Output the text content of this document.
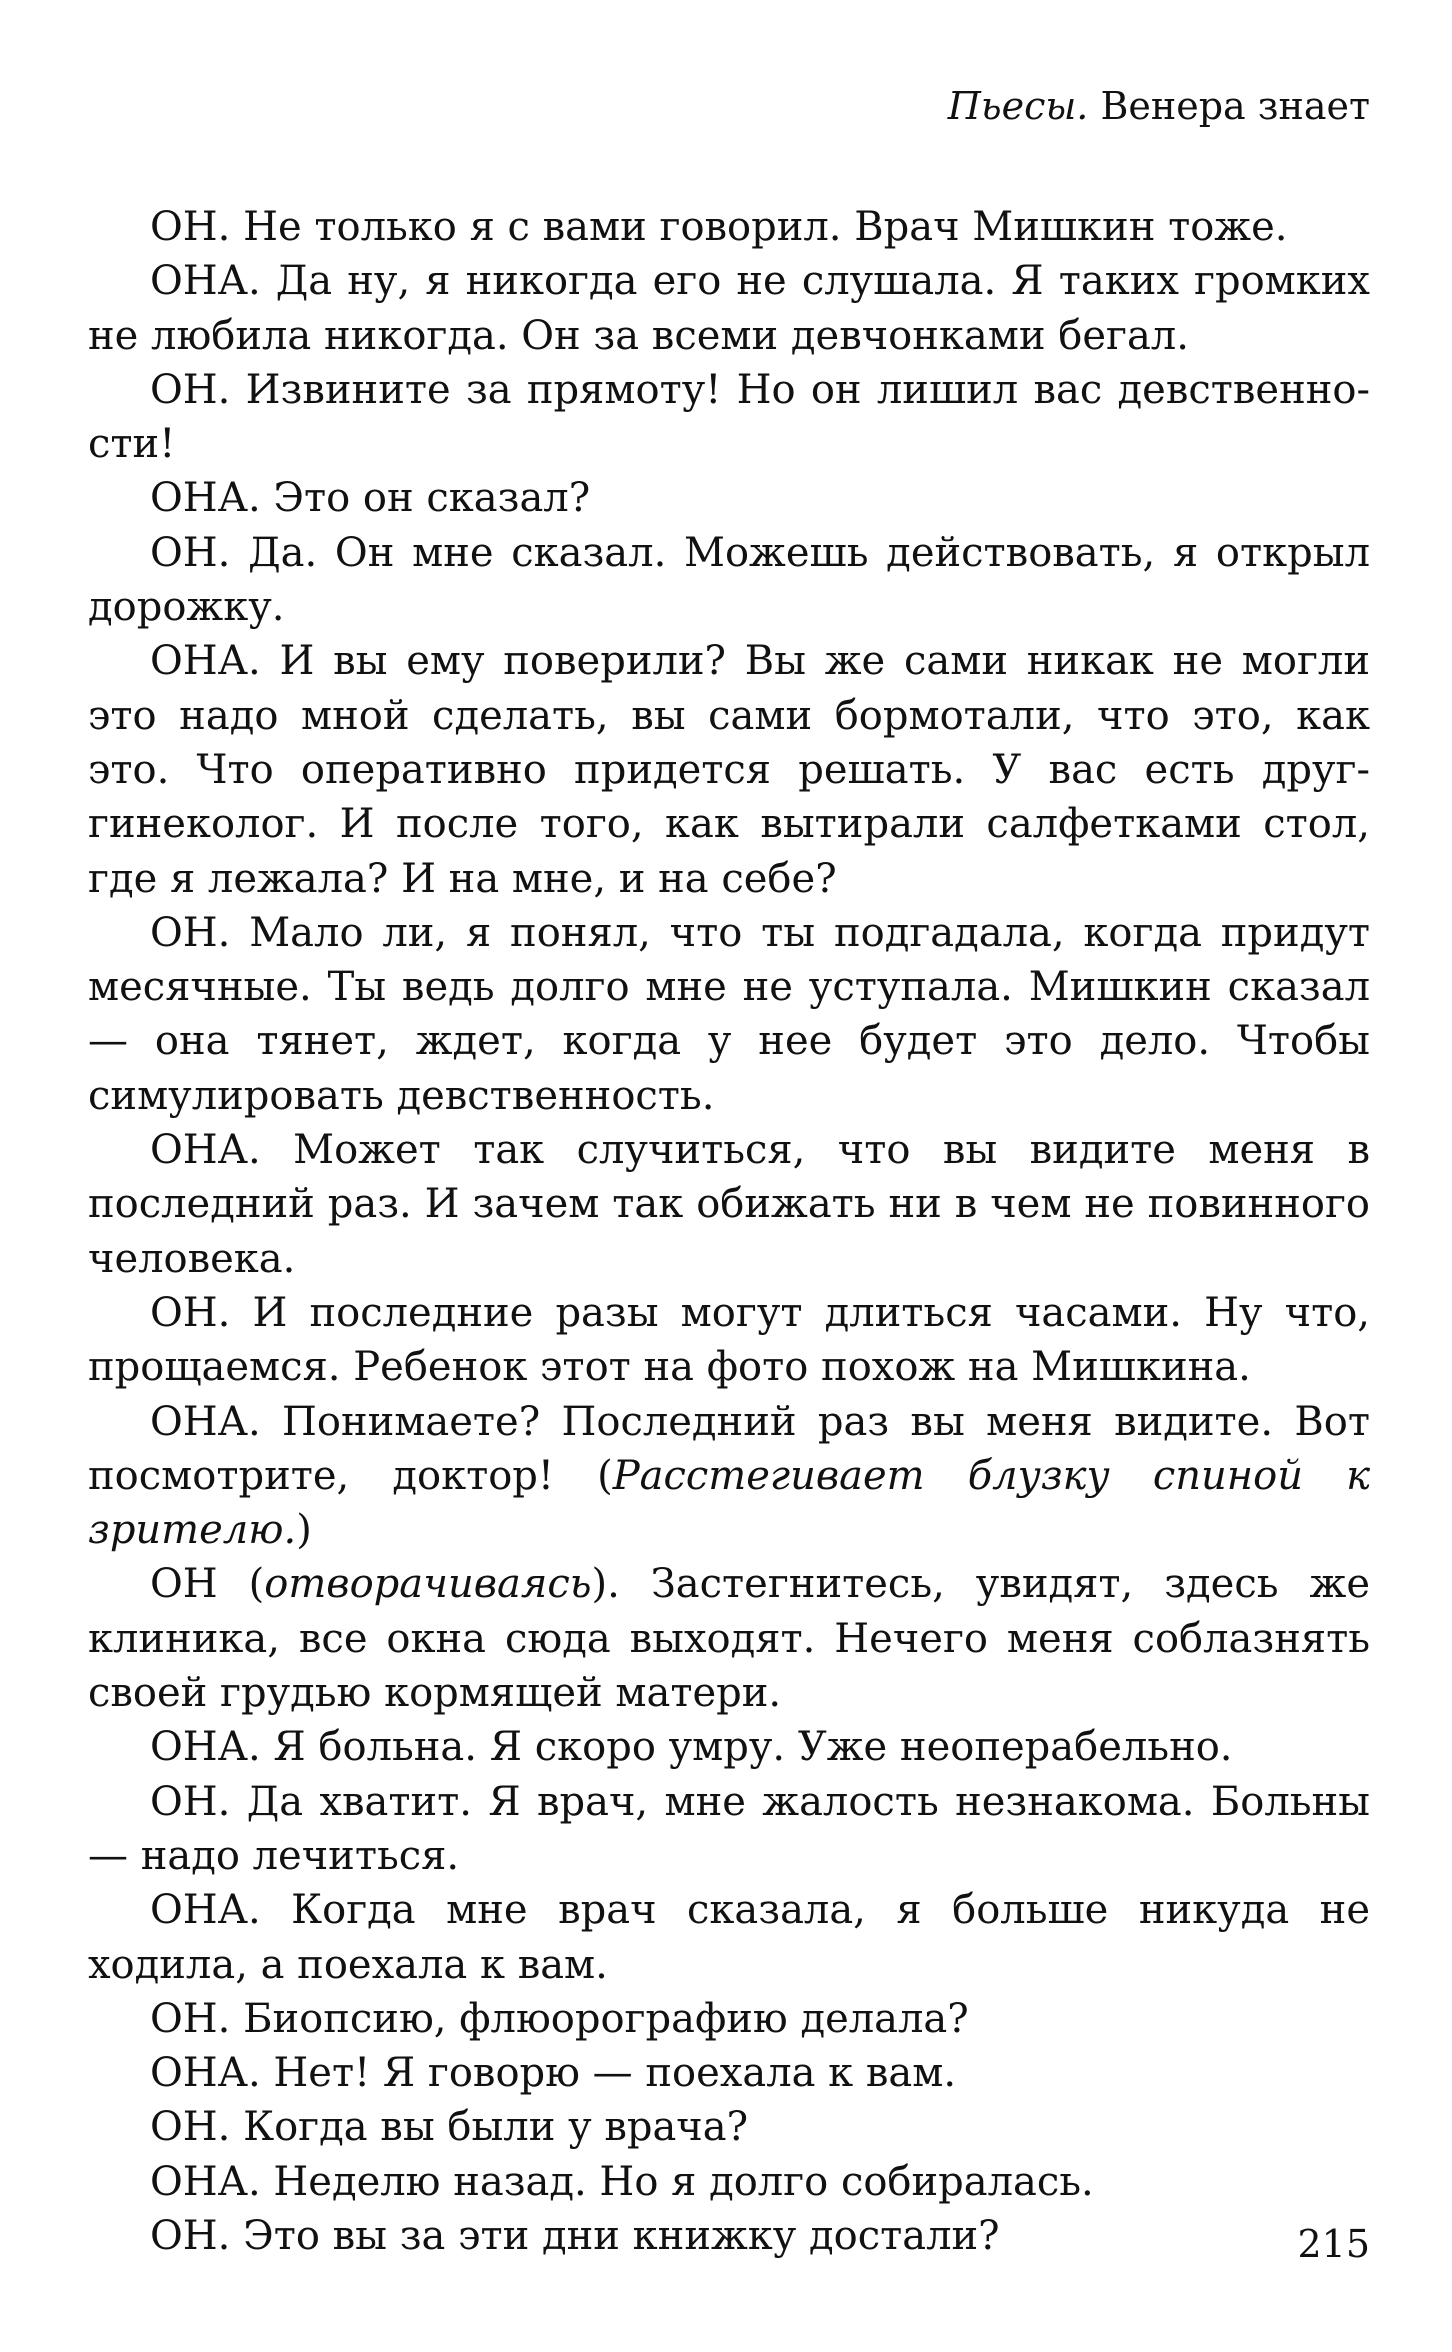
Пьесы. Венера знает

ОН. Не только я с вами говорил. Врач Мишкин тоже.

ОНА. Да ну, я никогда его не слушала. Я таких громких не любила никогда. Он за всеми девчонками бегал.

ОН. Извините за прямоту! Но он лишил вас девственности!

ОНА. Это он сказал?

ОН. Да. Он мне сказал. Можешь действовать, я открыл дорожку.

ОНА. И вы ему поверили? Вы же сами никак не могли это надо мной сделать, вы сами бормотали, что это, как это. Что оперативно придется решать. У вас есть друг-гинеколог. И после того, как вытирали салфетками стол, где я лежала? И на мне, и на себе?

ОН. Мало ли, я понял, что ты подгадала, когда придут месячные. Ты ведь долго мне не уступала. Мишкин сказал — она тянет, ждет, когда у нее будет это дело. Чтобы симулировать девственность.

ОНА. Может так случиться, что вы видите меня в последний раз. И зачем так обижать ни в чем не повинного человека.

ОН. И последние разы могут длиться часами. Ну что, прощаемся. Ребенок этот на фото похож на Мишкина.

ОНА. Понимаете? Последний раз вы меня видите. Вот посмотрите, доктор! (Расстегивает блузку спиной к зрителю.)

ОН (отворачиваясь). Застегнитесь, увидят, здесь же клиника, все окна сюда выходят. Нечего меня соблазнять своей грудью кормящей матери.

ОНА. Я больна. Я скоро умру. Уже неоперабельно.

ОН. Да хватит. Я врач, мне жалость незнакома. Больны — надо лечиться.

ОНА. Когда мне врач сказала, я больше никуда не ходила, а поехала к вам.

ОН. Биопсию, флюорографию делала?

ОНА. Нет! Я говорю — поехала к вам.

ОН. Когда вы были у врача?

ОНА. Неделю назад. Но я долго собиралась.

ОН. Это вы за эти дни книжку достали?	215
